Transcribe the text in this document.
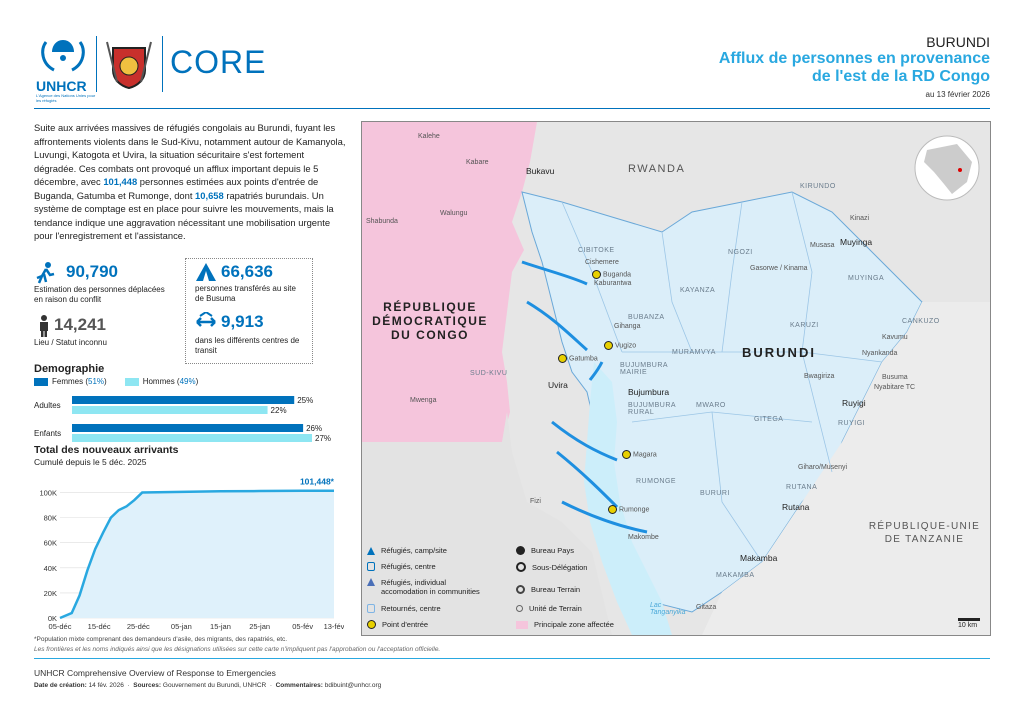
UNHCR
L'Agence des Nations Unies pour les réfugiés
CORE
BURUNDI
Afflux de personnes en provenance
de l'est de la RD Congo
au 13 février 2026
Suite aux arrivées massives de réfugiés congolais au Burundi, fuyant les affrontements violents dans le Sud-Kivu, notamment autour de Kamanyola, Luvungi, Katogota et Uvira, la situation sécuritaire s'est fortement dégradée. Ces combats ont provoqué un afflux important depuis le 5 décembre, avec 101,448 personnes estimées aux points d'entrée de Buganda, Gatumba et Rumonge, dont 10,658 rapatriés burundais. Un système de comptage est en place pour suivre les mouvements, mais la tendance indique une aggravation nécessitant une mobilisation urgente pour l'enregistrement et l'assistance.
90,790
Estimation des personnes déplacées en raison du conflit
14,241
Lieu / Statut inconnu
66,636
personnes transférés au site de Busuma
9,913
dans les différents centres de transit
Demographie
Femmes (51%)	Hommes (49%)
Adultes
25%
22%
Enfants
26%
27%
Total des nouveaux arrivants
Cumulé depuis le 5 déc. 2025
0K
20K
40K
60K
80K
100K
05-déc 15-déc 25-déc	05-jan 15-jan 25-jan	05-fév 13-fév
101,448*
*Population mixte comprenant des demandeurs d'asile, des migrants, des rapatriés, etc.
RÉPUBLIQUE DÉMOCRATIQUE DU CONGO
RWANDA
BURUNDI
RÉPUBLIQUE-UNIE DE TANZANIE
Kalehe
Kabare
Bukavu
Walungu
Shabunda
Uvira
Mwenga
Fizi
Cishemere
Buganda
Kaburantwa
Gihanga
Vugizo
Gatumba
Bujumbura
Magara
Rumonge
Makombe
Kinazi
Musasa Muyinga
Gasorwe / Kinama
Kavumu
Nyankanda
Bwagiriza	Busuma
Nyabitare TC
Ruyigi
Giharo/Musenyi
Rutana
Makamba
Gitaza
Lac Tanganyika
KIRUNDO
CIBITOKE	NGOZI
MUYINGA
KAYANZA
BUBANZA
KARUZI
CANKUZO
MURAMVYA
BUJUMBURA MAIRIE
MWARO
GITEGA
RUYIGI
BUJUMBURA RURAL
RUMONGE
BURURI
RUTANA
MAKAMBA
SUD-KIVU
Réfugiés, camp/site
Réfugiés, centre
Réfugiés, individual accomodation in communities
Retournés, centre
Point d'entrée
Bureau Pays
Sous-Délégation
Bureau Terrain
Unité de Terrain
Principale zone affectée	10 km
Les frontières et les noms indiqués ainsi que les désignations utilisées sur cette carte n'impliquent pas l'approbation ou l'acceptation officielle.
UNHCR Comprehensive Overview of Response to Emergencies
Date de création: 14 fév. 2026  ·  Sources: Gouvernement du Burundi, UNHCR  ·  Commentaires: bdibuint@unhcr.org
